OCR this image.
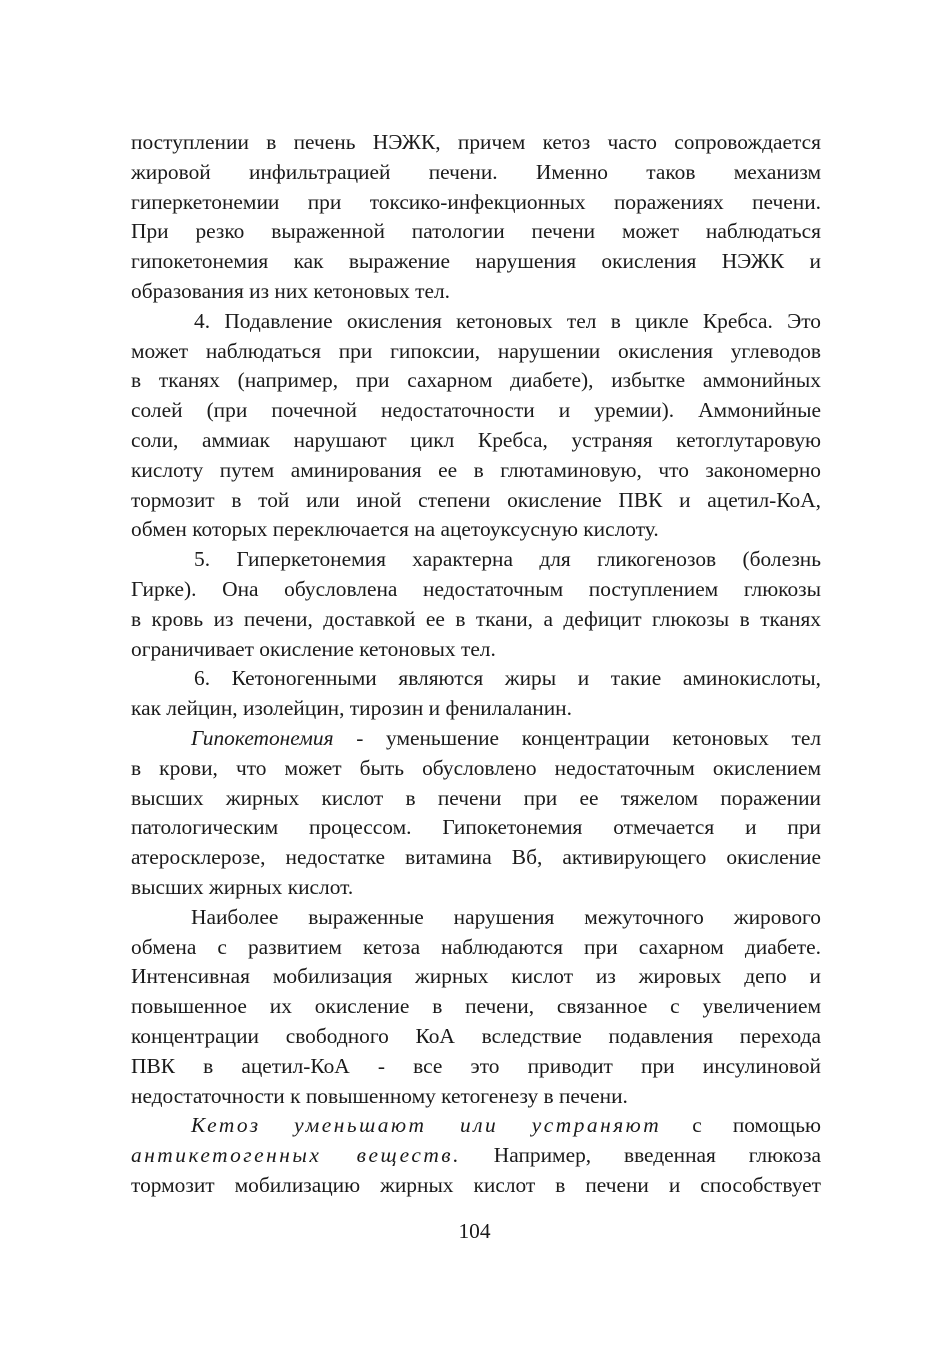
поступлении в печень НЭЖК, причем кетоз часто сопровождается
жировой инфильтрацией печени. Именно таков механизм
гиперкетонемии при токсико-инфекционных поражениях печени.
При резко выраженной патологии печени может наблюдаться
гипокетонемия как выражение нарушения окисления НЭЖК и
образования из них кетоновых тел.
4. Подавление окисления кетоновых тел в цикле Кребса. Это
может наблюдаться при гипоксии, нарушении окисления углеводов
в тканях (например, при сахарном диабете), избытке аммонийных
солей (при почечной недостаточности и уремии). Аммонийные
соли, аммиак нарушают цикл Кребса, устраняя кетоглутаровую
кислоту путем аминирования ее в глютаминовую, что закономерно
тормозит в той или иной степени окисление ПВК и ацетил-КоА,
обмен которых переключается на ацетоуксусную кислоту.
5. Гиперкетонемия характерна для гликогенозов (болезнь
Гирке). Она обусловлена недостаточным поступлением глюкозы
в кровь из печени, доставкой ее в ткани, а дефицит глюкозы в тканях
ограничивает окисление кетоновых тел.
6. Кетоногенными являются жиры и такие аминокислоты,
как лейцин, изолейцин, тирозин и фенилаланин.
Гипокетонемия - уменьшение концентрации кетоновых тел
в крови, что может быть обусловлено недостаточным окислением
высших жирных кислот в печени при ее тяжелом поражении
патологическим процессом. Гипокетонемия отмечается и при
атеросклерозе, недостатке витамина Вб, активирующего окисление
высших жирных кислот.
Наиболее выраженные нарушения межуточного жирового
обмена с развитием кетоза наблюдаются при сахарном диабете.
Интенсивная мобилизация жирных кислот из жировых депо и
повышенное их окисление в печени, связанное с увеличением
концентрации свободного КоА вследствие подавления перехода
ПВК в ацетил-КоА - все это приводит при инсулиновой
недостаточности к повышенному кетогенезу в печени.
Кетоз уменьшают или устраняют с помощью
антикетогенных веществ. Например, введенная глюкоза
тормозит мобилизацию жирных кислот в печени и способствует
104
